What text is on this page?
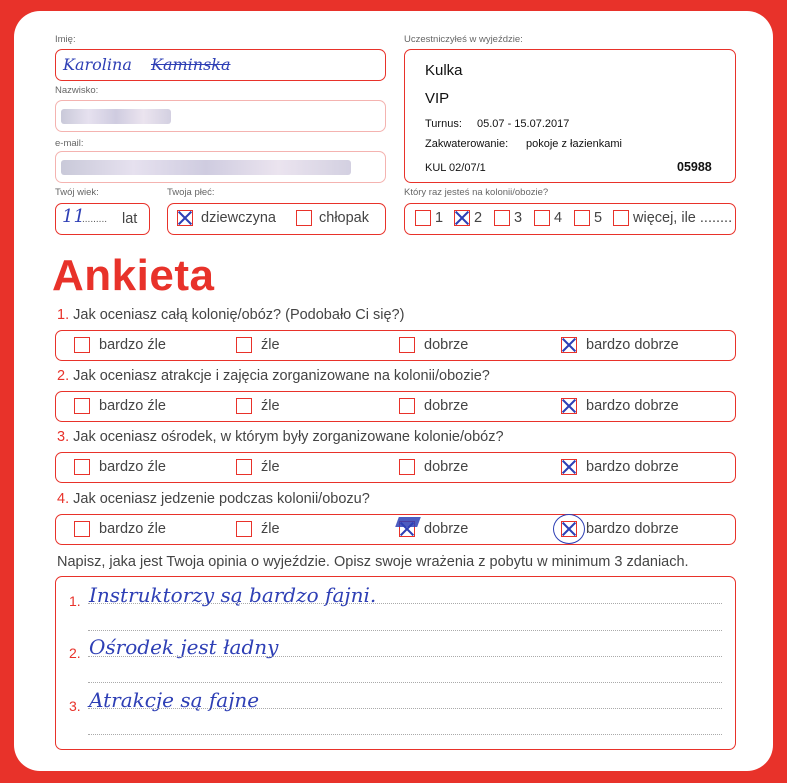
Imię:
Karolina Kaminska
Nazwisko:
e-mail:
Twój wiek:
11
......... lat
Twoja płeć:
dziewczyna	chłopak
Uczestniczyłeś w wyjeździe:
Kulka
VIP
Turnus: 05.07 - 15.07.2017
Zakwaterowanie: pokoje z łazienkami
KUL 02/07/1	05988
Który raz jesteś na kolonii/obozie?
1 2 3 4 5 więcej, ile ........
Ankieta
1. Jak oceniasz całą kolonię/obóz? (Podobało Ci się?)
bardzo źle	źle	dobrze	bardzo dobrze
2. Jak oceniasz atrakcje i zajęcia zorganizowane na kolonii/obozie?
bardzo źle	źle	dobrze	bardzo dobrze
3. Jak oceniasz ośrodek, w którym były zorganizowane kolonie/obóz?
bardzo źle	źle	dobrze	bardzo dobrze
4. Jak oceniasz jedzenie podczas kolonii/obozu?
bardzo źle	źle	dobrze	bardzo dobrze
Napisz, jaka jest Twoja opinia o wyjeździe. Opisz swoje wrażenia z pobytu w minimum 3 zdaniach.
1. Instruktorzy są bardzo fajni.
2. Ośrodek jest ładny
3. Atrakcje są fajne
